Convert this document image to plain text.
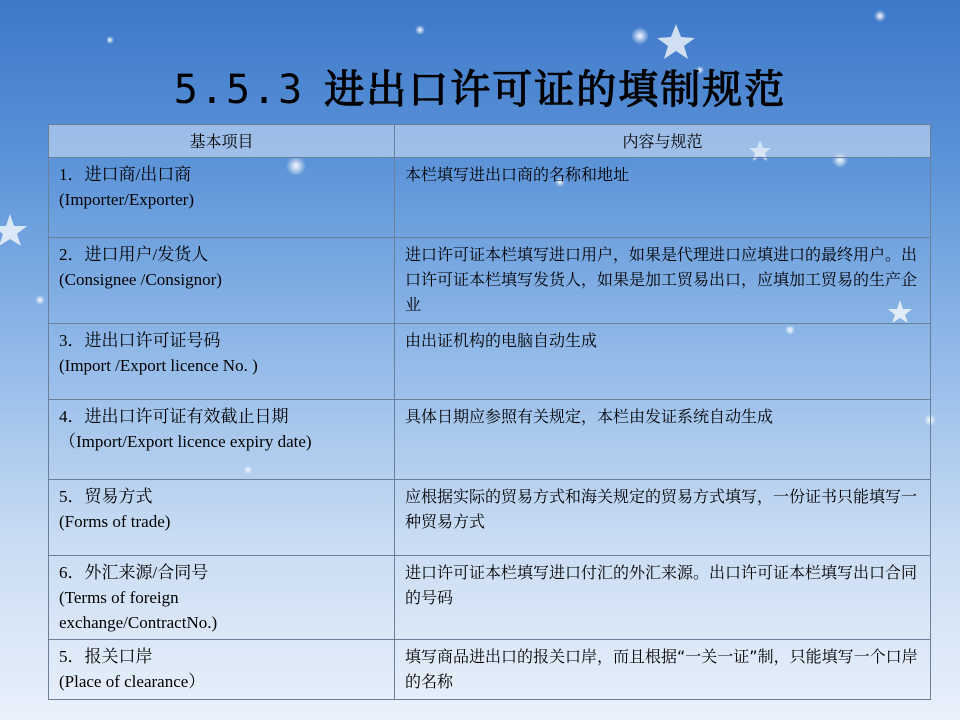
5.5.3 进出口许可证的填制规范
基本项目	内容与规范

1．进口商/出口商
(Importer/Exporter)	本栏填写进出口商的名称和地址

2．进口用户/发货人
(Consignee /Consignor)	进口许可证本栏填写进口用户，如果是代理进口应填进口的最终用户。出口许可证本栏填写发货人，如果是加工贸易出口，应填加工贸易的生产企业

3．进出口许可证号码
(Import /Export licence No. )	由出证机构的电脑自动生成

4．进出口许可证有效截止日期
（Import/Export licence expiry date)	具体日期应参照有关规定，本栏由发证系统自动生成

5．贸易方式
(Forms of trade)	应根据实际的贸易方式和海关规定的贸易方式填写，一份证书只能填写一种贸易方式

6．外汇来源/合同号
(Terms of foreign
exchange/ContractNo.)	进口许可证本栏填写进口付汇的外汇来源。出口许可证本栏填写出口合同的号码

5．报关口岸
(Place of clearance）	填写商品进出口的报关口岸，而且根据“一关一证”制，只能填写一个口岸的名称
